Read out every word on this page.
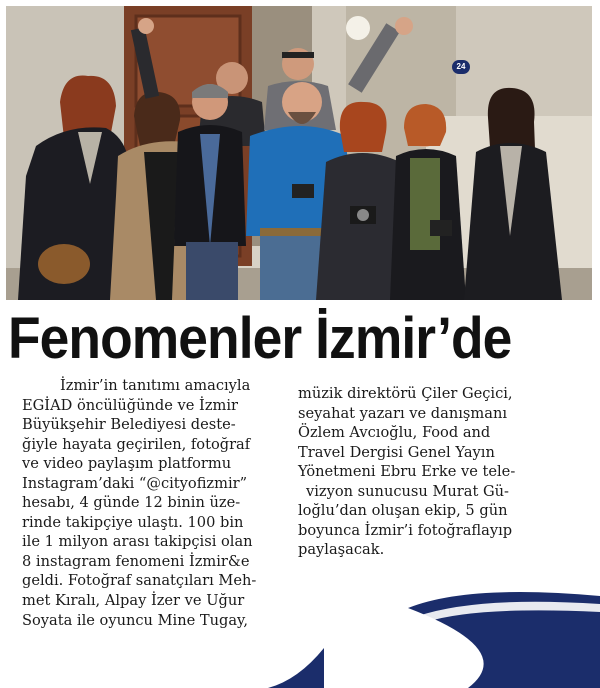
24
Fenomenler İzmir’de
İzmir’in tanıtımı amacıyla
EGİAD öncülüğünde ve İzmir
Büyükşehir Belediyesi deste-
ğiyle hayata geçirilen, fotoğraf
ve video paylaşım platformu
Instagram’daki “@cityofizmir”
hesabı, 4 günde 12 binin üze-
rinde takipçiye ulaştı. 100 bin
ile 1 milyon arası takipçisi olan
8 instagram fenomeni İzmir&e
geldi. Fotoğraf sanatçıları Meh-
met Kıralı, Alpay İzer ve Uğur
Soyata ile oyuncu Mine Tugay,
müzik direktörü Çiler Geçici,
seyahat yazarı ve danışmanı
Özlem Avcıoğlu, Food and
Travel Dergisi Genel Yayın
Yönetmeni Ebru Erke ve tele-
vizyon sunucusu Murat Gü-
loğlu’dan oluşan ekip, 5 gün
boyunca İzmir’i fotoğraflayıp
paylaşacak.
